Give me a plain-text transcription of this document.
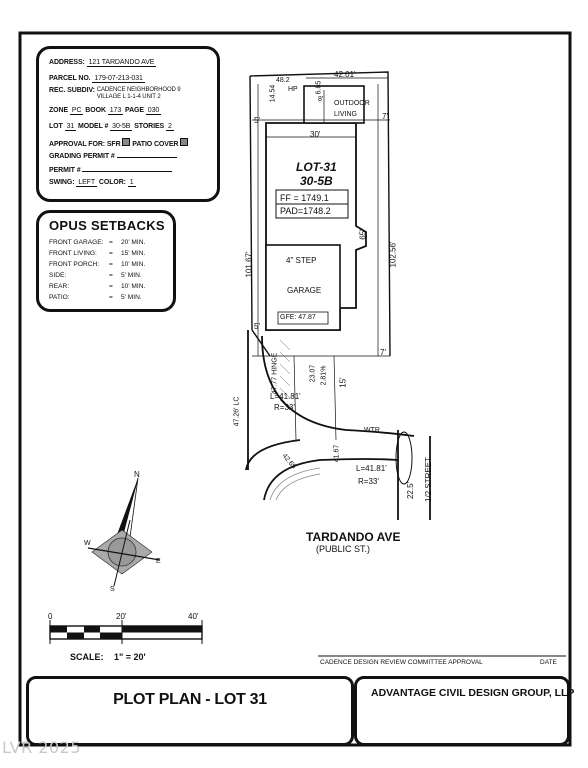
ADDRESS: 121 TARDANDO AVE
PARCEL NO. 179-07-213-031
REC. SUBDIV: CADENCE NEIGHBORHOOD 9
VILLAGE L 1-1-4 UNIT 2
ZONE PC BOOK 173 PAGE 030
LOT 31 MODEL # 30-5B STORIES 2
APPROVAL FOR: SFR PATIO COVER
GRADING PERMIT #
PERMIT #
SWING: LEFT COLOR: 1
OPUS SETBACKS
FRONT GARAGE: = 20' MIN.
FRONT LIVING: = 15' MIN.
FRONT PORCH: = 10' MIN.
SIDE:	= 5' MIN.
REAR:	= 10' MIN.
PATIO:	= 5' MIN.
LOT-31
30-5B
FF = 1749.1
PAD=1748.2
4" STEP
GARAGE
GFE: 47.87
OUTDOOR LIVING
42.01'
48.2
14.54 HP	6.85
8'
30'
7'
5'
65'
101.67'	102.56'
5'
7'
47.77 HINGE	23.07 2.81% 15'
L=41.81'
R=33'
L=41.81'
R=33'
47.26' LC
41.67
42.65
WTR
22.5' 1/2 STREET
TARDANDO AVE
(PUBLIC ST.)
N
E
S
W
0	20'	40'
SCALE: 1" = 20'
CADENCE DESIGN REVIEW COMMITTEE APPROVAL	DATE
PLOT PLAN - LOT 31	ADVANTAGE CIVIL DESIGN GROUP, LLP
LVR 2025
